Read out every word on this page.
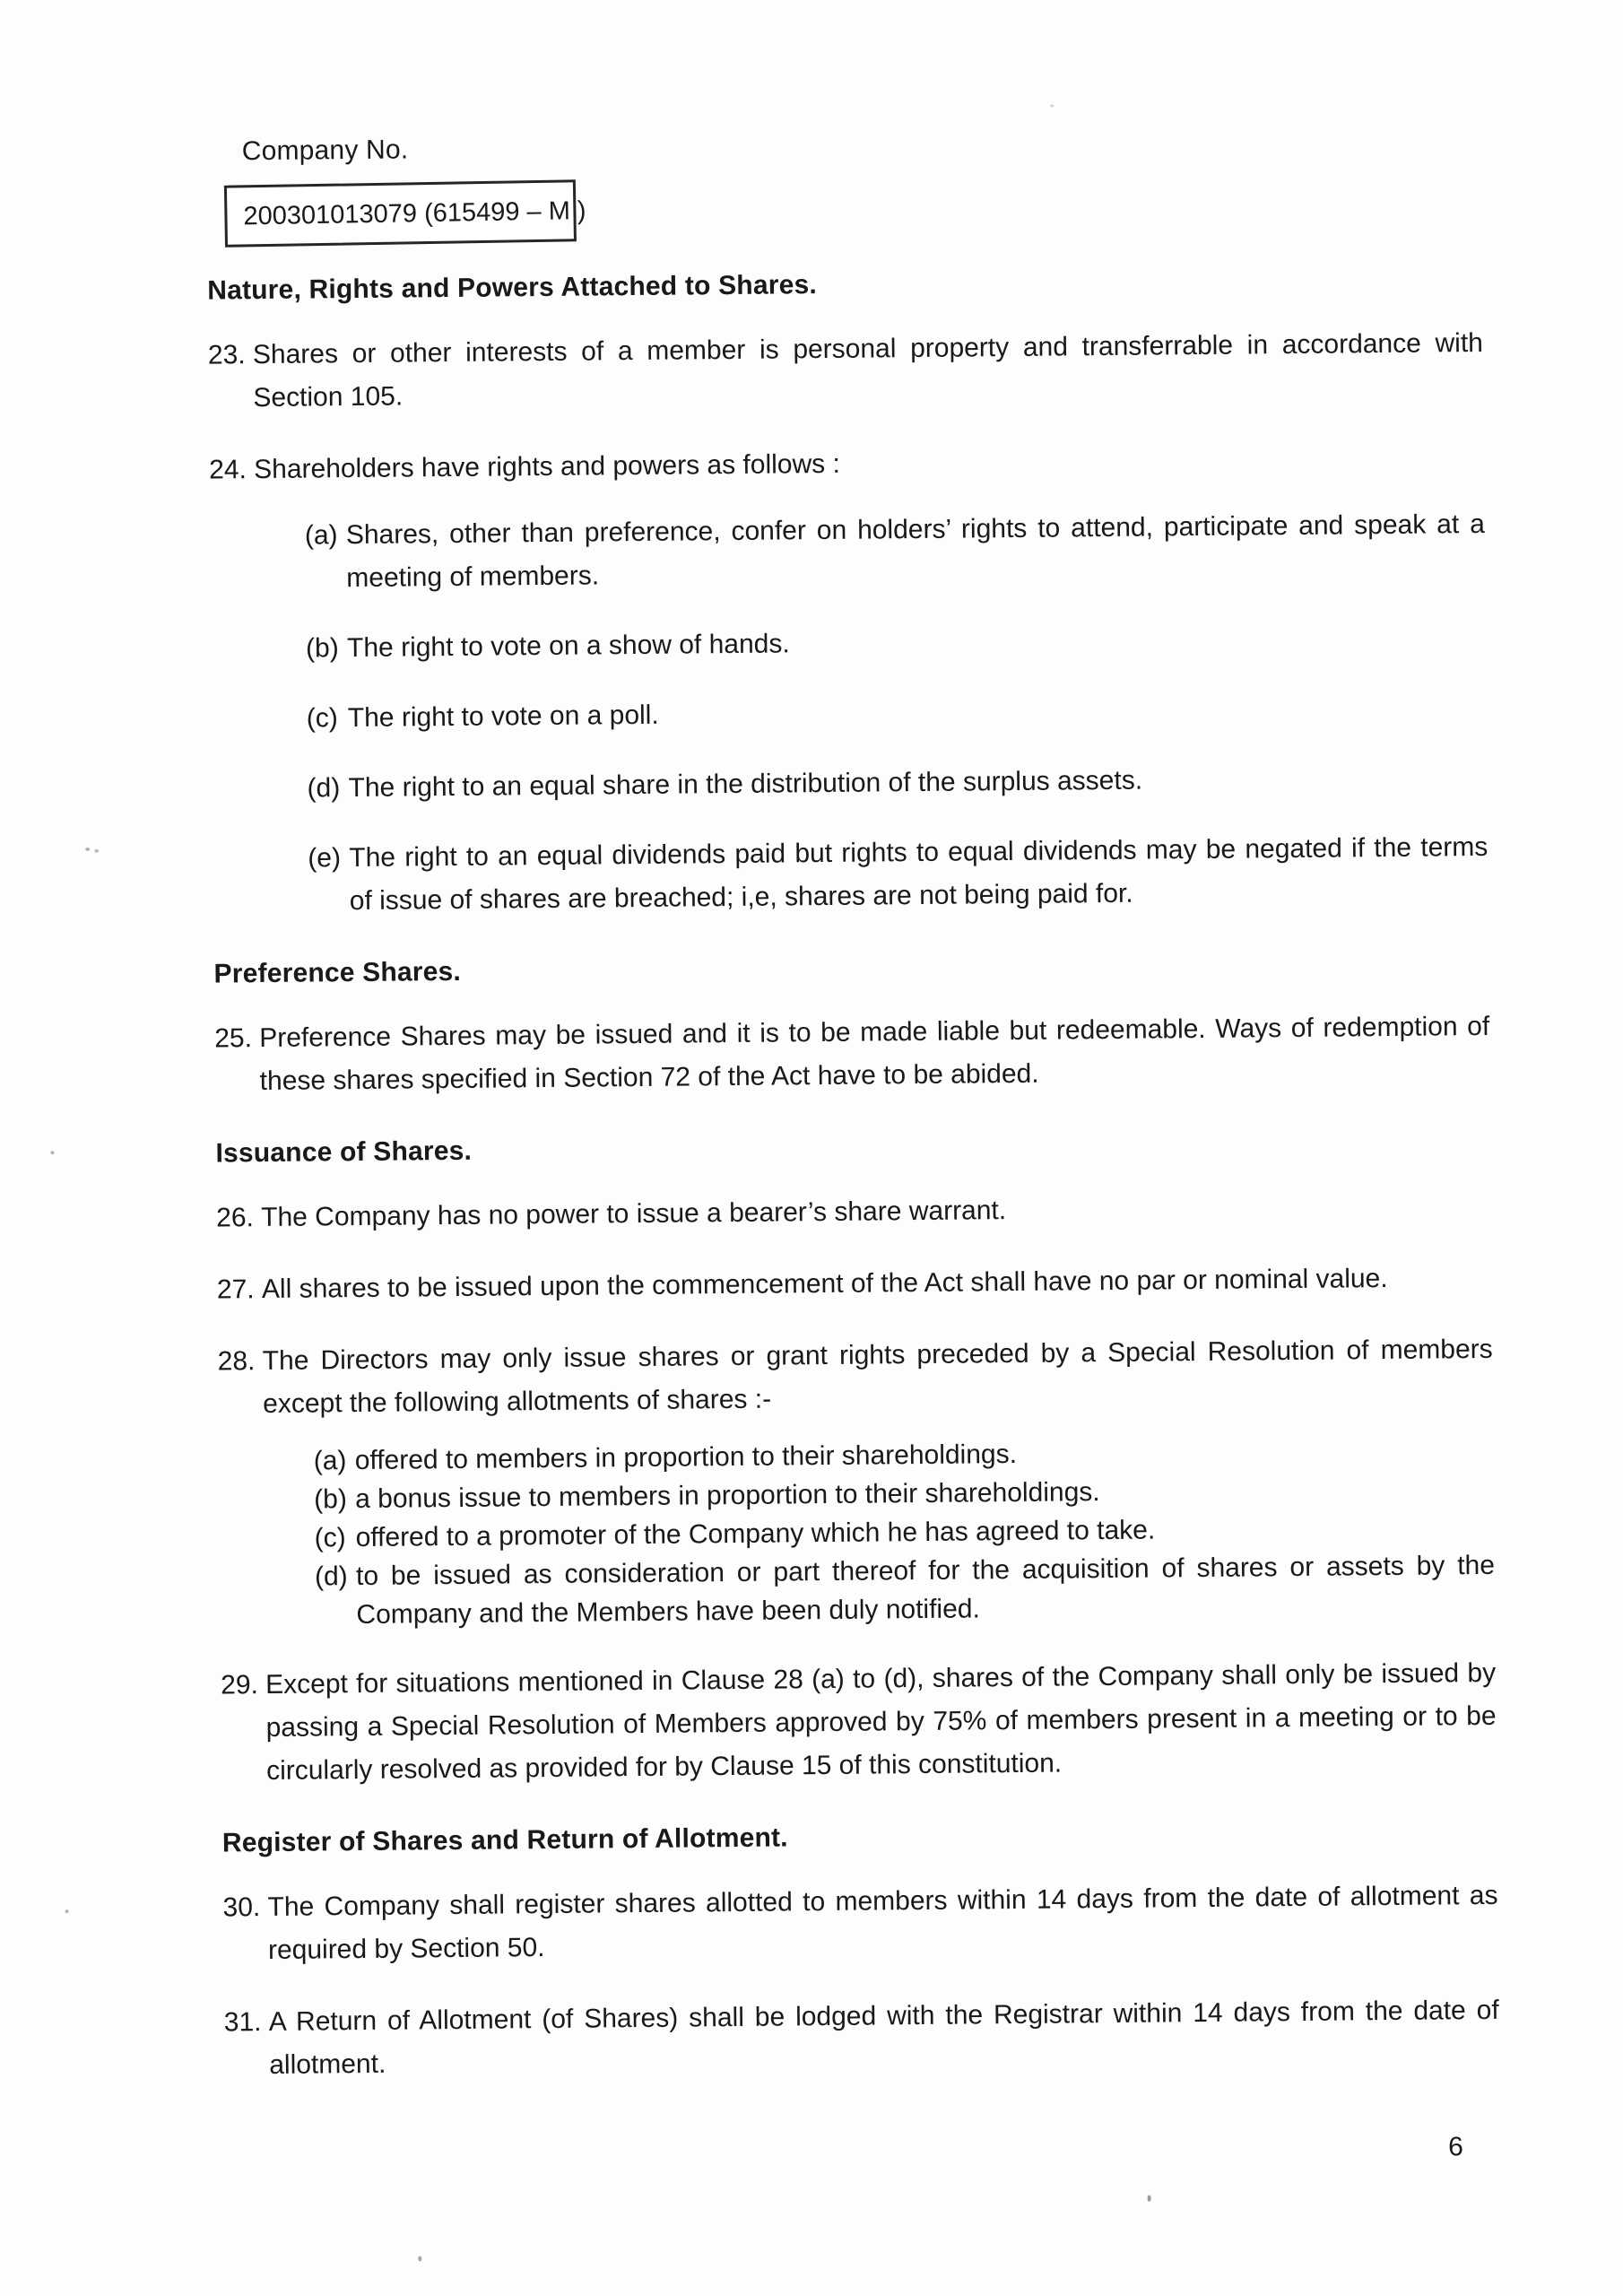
Company No.
200301013079 (615499 – M )
Nature, Rights and Powers Attached to Shares.
23. Shares or other interests of a member is personal property and transferrable in accordance with Section 105.
24. Shareholders have rights and powers as follows :
(a) Shares, other than preference, confer on holders’ rights to attend, participate and speak at a meeting of members.
(b) The right to vote on a show of hands.
(c) The right to vote on a poll.
(d) The right to an equal share in the distribution of the surplus assets.
(e) The right to an equal dividends paid but rights to equal dividends may be negated if the terms of issue of shares are breached; i,e, shares are not being paid for.
Preference Shares.
25. Preference Shares may be issued and it is to be made liable but redeemable. Ways of redemption of these shares specified in Section 72 of the Act have to be abided.
Issuance of Shares.
26. The Company has no power to issue a bearer’s share warrant.
27. All shares to be issued upon the commencement of the Act shall have no par or nominal value.
28. The Directors may only issue shares or grant rights preceded by a Special Resolution of members except the following allotments of shares :-
(a) offered to members in proportion to their shareholdings.
(b) a bonus issue to members in proportion to their shareholdings.
(c) offered to a promoter of the Company which he has agreed to take.
(d) to be issued as consideration or part thereof for the acquisition of shares or assets by the Company and the Members have been duly notified.
29. Except for situations mentioned in Clause 28 (a) to (d), shares of the Company shall only be issued by passing a Special Resolution of Members approved by 75% of members present in a meeting or to be circularly resolved as provided for by Clause 15 of this constitution.
Register of Shares and Return of Allotment.
30. The Company shall register shares allotted to members within 14 days from the date of allotment as required by Section 50.
31. A Return of Allotment (of Shares) shall be lodged with the Registrar within 14 days from the date of allotment.
6
